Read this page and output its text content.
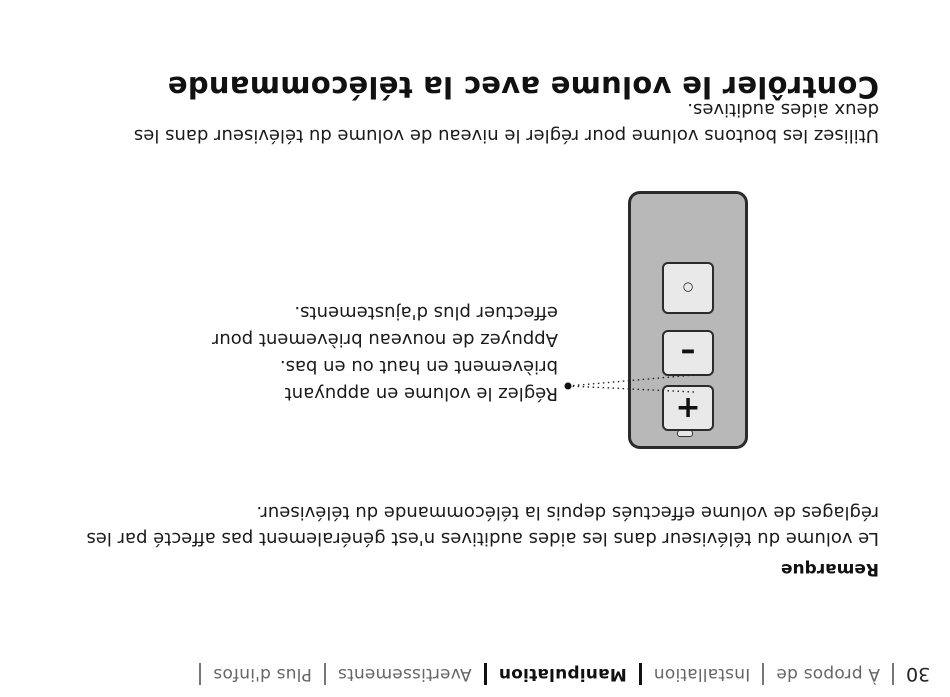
30
À propos de
Installation
Manipulation
Avertissements
Plus d'infos
Remarque

Le volume du téléviseur dans les aides auditives n'est généralement pas affecté par les réglages de volume effectués depuis la télécommande du téléviseur.

+
–
○

Réglez le volume en appuyant brièvement en haut ou en bas. Appuyez de nouveau brièvement pour effectuer plus d'ajustements.

Utilisez les boutons volume pour régler le niveau de volume du téléviseur dans les deux aides auditives.

Contrôler le volume avec la télécommande
